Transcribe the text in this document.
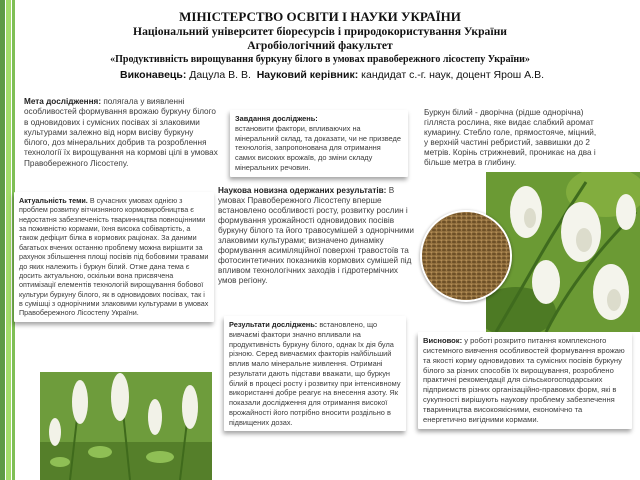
МІНІСТЕРСТВО ОСВІТИ І НАУКИ УКРАЇНИ
Національний університет біоресурсів і природокористування України
Агробіологічний факультет
«Продуктивність вирощування буркуну білого в умовах правобережного лісостепу України»
Виконавець: Дацула В. В. Науковий керівник: кандидат с.-г. наук, доцент Ярош А.В.
Мета дослідження: полягала у виявленні особливостей формування врожаю буркуну білого в одновидових і сумісних посівах зі злаковими культурами залежно від норм висіву буркуну білого, доз мінеральних добрив та розроблення технології їх вирощування на кормові цілі в умовах Правобережного Лісостепу.
Завдання досліджень:
встановити фактори, впливаючих на мінеральний склад, та доказати, чи не призведе технологія, запропонована для отримання самих високих врожаїв, до зміни складу мінеральних речовин.
Буркун білий - дворічна (рідше однорічна) гілляста рослина, яке видає слабкий аромат кумарину. Стебло голе, прямостояче, міцний, у верхній частині ребристий, заввишки до 2 метрів. Корінь стрижневий, проникає на два і більше метра в глибину.
Актуальність теми. В сучасних умовах однією з проблем розвитку вітчизняного кормовиробництва є недостатня забезпеченість тваринництва повноцінними за поживністю кормами, їхня висока собівартість, а також дефіцит білка в кормових раціонах. За даними багатьох вчених останню проблему можна вирішити за рахунок збільшення площі посівів під бобовими травами до яких належить і буркун білий. Отже дана тема є досить актуальною, оскільки вона присвячена оптимізації елементів технологій вирощування бобової культури буркуну білого, як в одновидових посівах, так і в сумішці з однорічними злаковими культурами в умовах Правобережного Лісостепу України.
Наукова новизна одержаних результатів: В умовах Правобережного Лісостепу вперше встановлено особливості росту, розвитку рослин і формування урожайності одновидових посівів буркуну білого та його травосумішей з однорічними злаковими культурами; визначено динаміку формування асиміляційної поверхні травостоїв та фотосинтетичних показників кормових сумішей під впливом технологічних заходів і гідротермічних умов регіону.
Результати досліджень: встановлено, що вивчаємі фактори значно впливали на продуктивність буркуну білого, однак їх дія була різною. Серед вивчаємих факторів найбільший вплив мало мінеральне живлення. Отримані результати дають підстави вважати, що буркун білий в процесі росту і розвитку при інтенсивному використанні добре реагує на внесення азоту. Як показали дослідження для отримання високої врожайності його потрібно вносити роздільно в підвищених дозах.
Висновок: у роботі розкрито питання комплексного системного вивчення особливостей формування врожаю та якості корму одновидових та сумісних посівів буркуну білого за різних способів їх вирощування, розроблено практичні рекомендації для сільськогосподарських підприємств різних організаційно-правових форм, які в сукупності вирішують наукову проблему забезпечення тваринництва високоякісними, економічно та енергетично вигідними кормами.
